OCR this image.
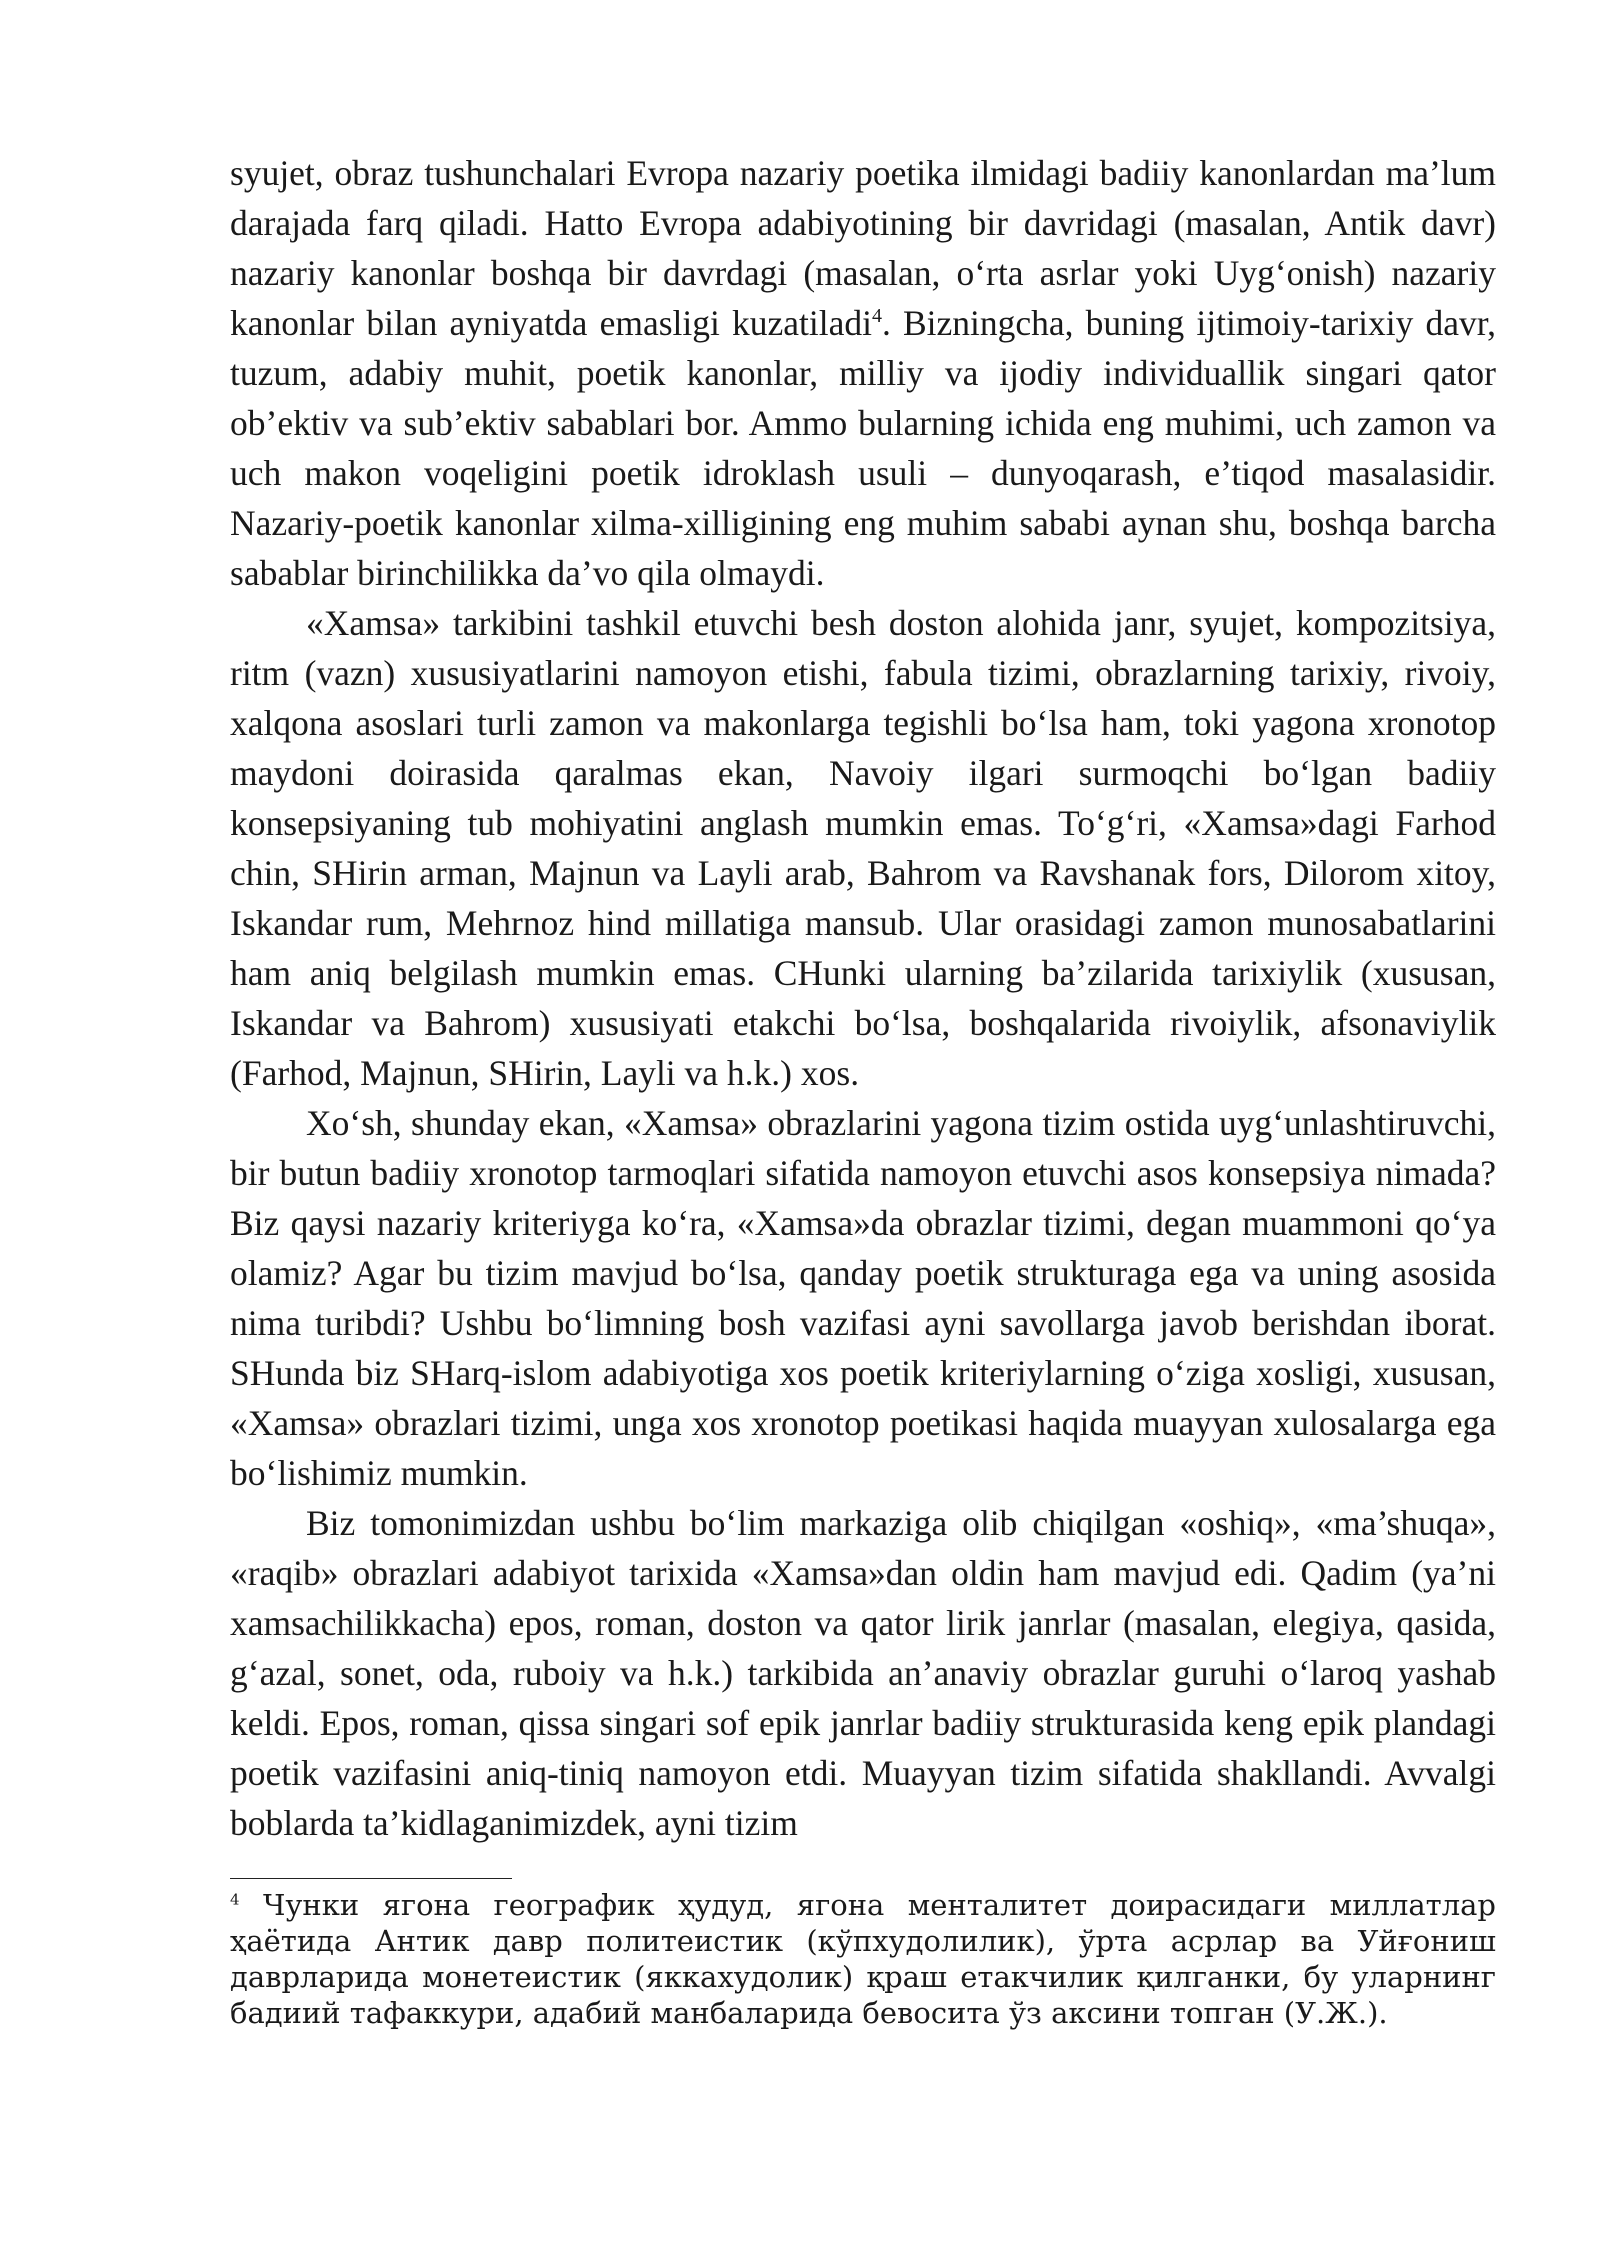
syujet, obraz tushunchalari Evropa nazariy poetika ilmidagi badiiy kanonlardan ma’lum darajada farq qiladi. Hatto Evropa adabiyotining bir davridagi (masalan, Antik davr) nazariy kanonlar boshqa bir davrdagi (masalan, o‘rta asrlar yoki Uyg‘onish) nazariy kanonlar bilan ayniyatda emasligi kuzatiladi$^4$. Bizningcha, buning ijtimoiy-tarixiy davr, tuzum, adabiy muhit, poetik kanonlar, milliy va ijodiy individuallik singari qator ob’ektiv va sub’ektiv sabablari bor. Ammo bularning ichida eng muhimi, uch zamon va uch makon voqeligini poetik idroklash usuli – dunyoqarash, e’tiqod masalasidir. Nazariy-poetik kanonlar xilma-xilligining eng muhim sababi aynan shu, boshqa barcha sabablar birinchilikka da’vo qila olmaydi.

«Xamsa» tarkibini tashkil etuvchi besh doston alohida janr, syujet, kompozitsiya, ritm (vazn) xususiyatlarini namoyon etishi, fabula tizimi, obrazlarning tarixiy, rivoiy, xalqona asoslari turli zamon va makonlarga tegishli bo‘lsa ham, toki yagona xronotop maydoni doirasida qaralmas ekan, Navoiy ilgari surmoqchi bo‘lgan badiiy konsepsiyaning tub mohiyatini anglash mumkin emas. To‘g‘ri, «Xamsa»dagi Farhod chin, SHirin arman, Majnun va Layli arab, Bahrom va Ravshanak fors, Dilorom xitoy, Iskandar rum, Mehrnoz hind millatiga mansub. Ular orasidagi zamon munosabatlarini ham aniq belgilash mumkin emas. CHunki ularning ba’zilarida tarixiylik (xususan, Iskandar va Bahrom) xususiyati etakchi bo‘lsa, boshqalarida rivoiylik, afsonaviylik (Farhod, Majnun, SHirin, Layli va h.k.) xos.

Xo‘sh, shunday ekan, «Xamsa» obrazlarini yagona tizim ostida uyg‘unlashtiruvchi, bir butun badiiy xronotop tarmoqlari sifatida namoyon etuvchi asos konsepsiya nimada? Biz qaysi nazariy kriteriyga ko‘ra, «Xamsa»da obrazlar tizimi, degan muammoni qo‘ya olamiz? Agar bu tizim mavjud bo‘lsa, qanday poetik strukturaga ega va uning asosida nima turibdi? Ushbu bo‘limning bosh vazifasi ayni savollarga javob berishdan iborat. SHunda biz SHarq-islom adabiyotiga xos poetik kriteriylarning o‘ziga xosligi, xususan, «Xamsa» obrazlari tizimi, unga xos xronotop poetikasi haqida muayyan xulosalarga ega bo‘lishimiz mumkin.

Biz tomonimizdan ushbu bo‘lim markaziga olib chiqilgan «oshiq», «ma’shuqa», «raqib» obrazlari adabiyot tarixida «Xamsa»dan oldin ham mavjud edi. Qadim (ya’ni xamsachilikkacha) epos, roman, doston va qator lirik janrlar (masalan, elegiya, qasida, g‘azal, sonet, oda, ruboiy va h.k.) tarkibida an’anaviy obrazlar guruhi o‘laroq yashab keldi. Epos, roman, qissa singari sof epik janrlar badiiy strukturasida keng epik plandagi poetik vazifasini aniq-tiniq namoyon etdi. Muayyan tizim sifatida shakllandi. Avvalgi boblarda ta’kidlaganimizdek, ayni tizim

$^4$ Чунки ягона географик ҳудуд, ягона менталитет доирасидаги миллатлар ҳаётида Антик давр политеистик (кўпхудолилик), ўрта асрлар ва Уйғониш даврларида монетеистик (яккахудолик) қраш етакчилик қилганки, бу уларнинг бадиий тафаккури, адабий манбаларида бевосита ўз аксини топган (У.Ж.).
